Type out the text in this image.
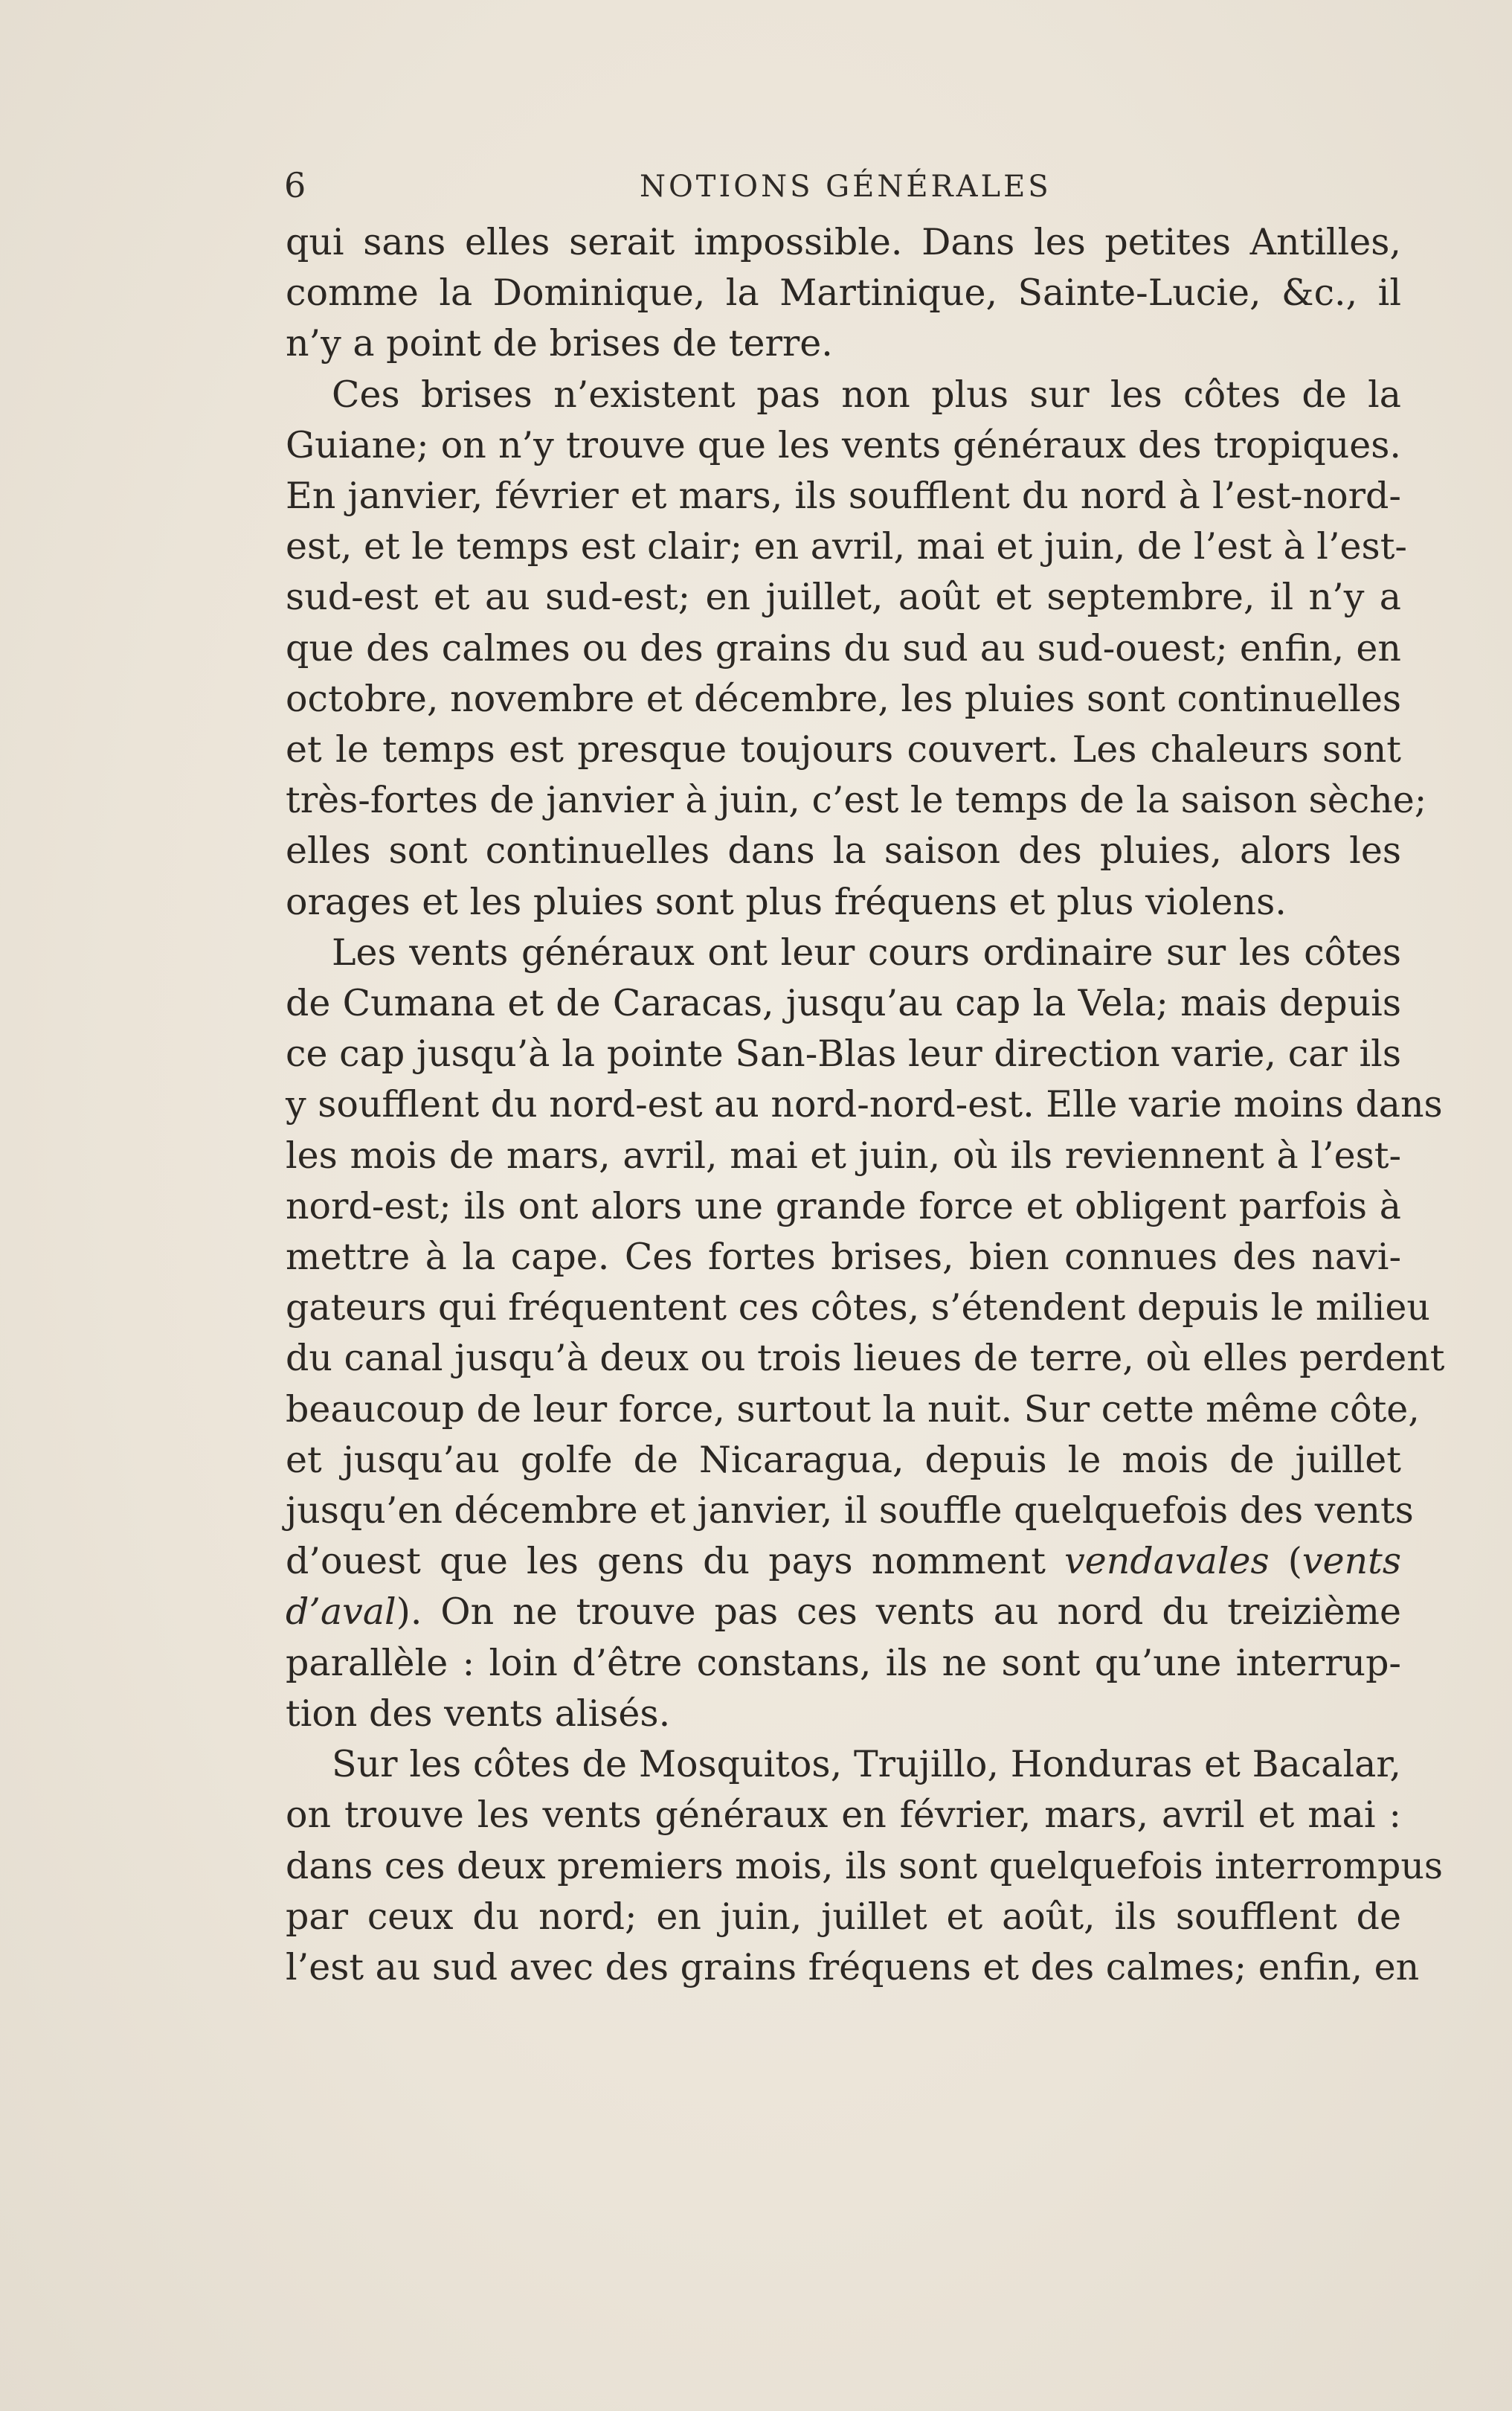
6	NOTIONS GÉNÉRALES

qui sans elles serait impossible. Dans les petites Antilles,
comme la Dominique, la Martinique, Sainte-Lucie, &c., il
n’y a point de brises de terre.

Ces brises n’existent pas non plus sur les côtes de la
Guiane; on n’y trouve que les vents généraux des tropiques.
En janvier, février et mars, ils soufflent du nord à l’est-nord-
est, et le temps est clair; en avril, mai et juin, de l’est à l’est-
sud-est et au sud-est; en juillet, août et septembre, il n’y a
que des calmes ou des grains du sud au sud-ouest; enfin, en
octobre, novembre et décembre, les pluies sont continuelles
et le temps est presque toujours couvert. Les chaleurs sont
très-fortes de janvier à juin, c’est le temps de la saison sèche;
elles sont continuelles dans la saison des pluies, alors les
orages et les pluies sont plus fréquens et plus violens.

Les vents généraux ont leur cours ordinaire sur les côtes
de Cumana et de Caracas, jusqu’au cap la Vela; mais depuis
ce cap jusqu’à la pointe San-Blas leur direction varie, car ils
y soufflent du nord-est au nord-nord-est. Elle varie moins dans
les mois de mars, avril, mai et juin, où ils reviennent à l’est-
nord-est; ils ont alors une grande force et obligent parfois à
mettre à la cape. Ces fortes brises, bien connues des navi-
gateurs qui fréquentent ces côtes, s’étendent depuis le milieu
du canal jusqu’à deux ou trois lieues de terre, où elles perdent
beaucoup de leur force, surtout la nuit. Sur cette même côte,
et jusqu’au golfe de Nicaragua, depuis le mois de juillet
jusqu’en décembre et janvier, il souffle quelquefois des vents
d’ouest que les gens du pays nomment vendavales (vents
d’aval). On ne trouve pas ces vents au nord du treizième
parallèle : loin d’être constans, ils ne sont qu’une interrup-
tion des vents alisés.

Sur les côtes de Mosquitos, Trujillo, Honduras et Bacalar,
on trouve les vents généraux en février, mars, avril et mai :
dans ces deux premiers mois, ils sont quelquefois interrompus
par ceux du nord; en juin, juillet et août, ils soufflent de
l’est au sud avec des grains fréquens et des calmes; enfin, en
